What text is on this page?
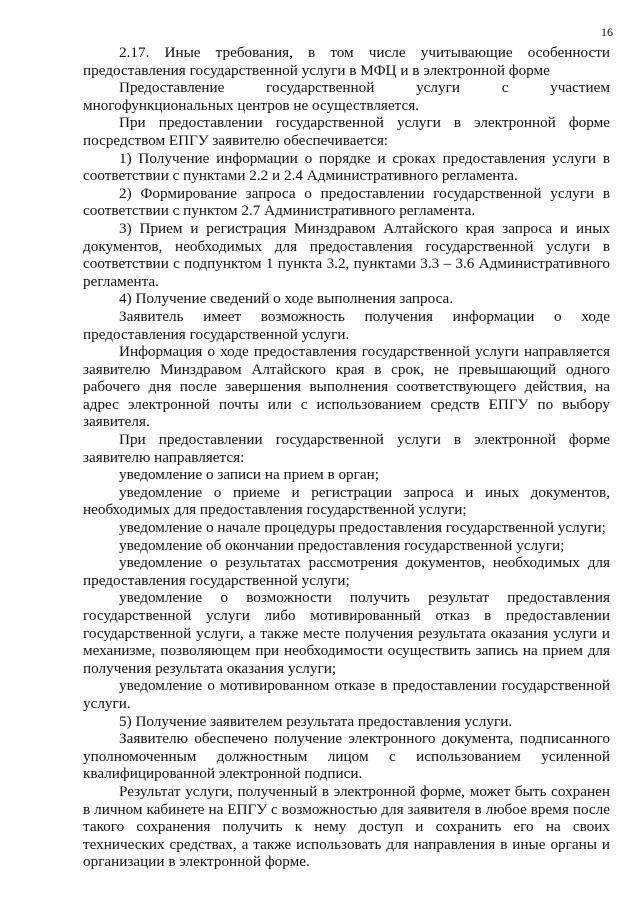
16

2.17. Иные требования, в том числе учитывающие особенности предоставления государственной услуги в МФЦ и в электронной форме

Предоставление государственной услуги с участием многофункциональных центров не осуществляется.

При предоставлении государственной услуги в электронной форме посредством ЕПГУ заявителю обеспечивается:

1) Получение информации о порядке и сроках предоставления услуги в соответствии с пунктами 2.2 и 2.4 Административного регламента.

2) Формирование запроса о предоставлении государственной услуги в соответствии с пунктом 2.7 Административного регламента.

3) Прием и регистрация Минздравом Алтайского края запроса и иных документов, необходимых для предоставления государственной услуги в соответствии с подпунктом 1 пункта 3.2, пунктами 3.3 – 3.6 Административного регламента.

4) Получение сведений о ходе выполнения запроса.

Заявитель имеет возможность получения информации о ходе предоставления государственной услуги.

Информация о ходе предоставления государственной услуги направляется заявителю Минздравом Алтайского края в срок, не превышающий одного рабочего дня после завершения выполнения соответствующего действия, на адрес электронной почты или с использованием средств ЕПГУ по выбору заявителя.

При предоставлении государственной услуги в электронной форме заявителю направляется:

уведомление о записи на прием в орган;

уведомление о приеме и регистрации запроса и иных документов, необходимых для предоставления государственной услуги;

уведомление о начале процедуры предоставления государственной услуги;

уведомление об окончании предоставления государственной услуги;

уведомление о результатах рассмотрения документов, необходимых для предоставления государственной услуги;

уведомление о возможности получить результат предоставления государственной услуги либо мотивированный отказ в предоставлении государственной услуги, а также месте получения результата оказания услуги и механизме, позволяющем при необходимости осуществить запись на прием для получения результата оказания услуги;

уведомление о мотивированном отказе в предоставлении государственной услуги.

5) Получение заявителем результата предоставления услуги.

Заявителю обеспечено получение электронного документа, подписанного уполномоченным должностным лицом с использованием усиленной квалифицированной электронной подписи.

Результат услуги, полученный в электронной форме, может быть сохранен в личном кабинете на ЕПГУ с возможностью для заявителя в любое время после такого сохранения получить к нему доступ и сохранить его на своих технических средствах, а также использовать для направления в иные органы и организации в электронной форме.
